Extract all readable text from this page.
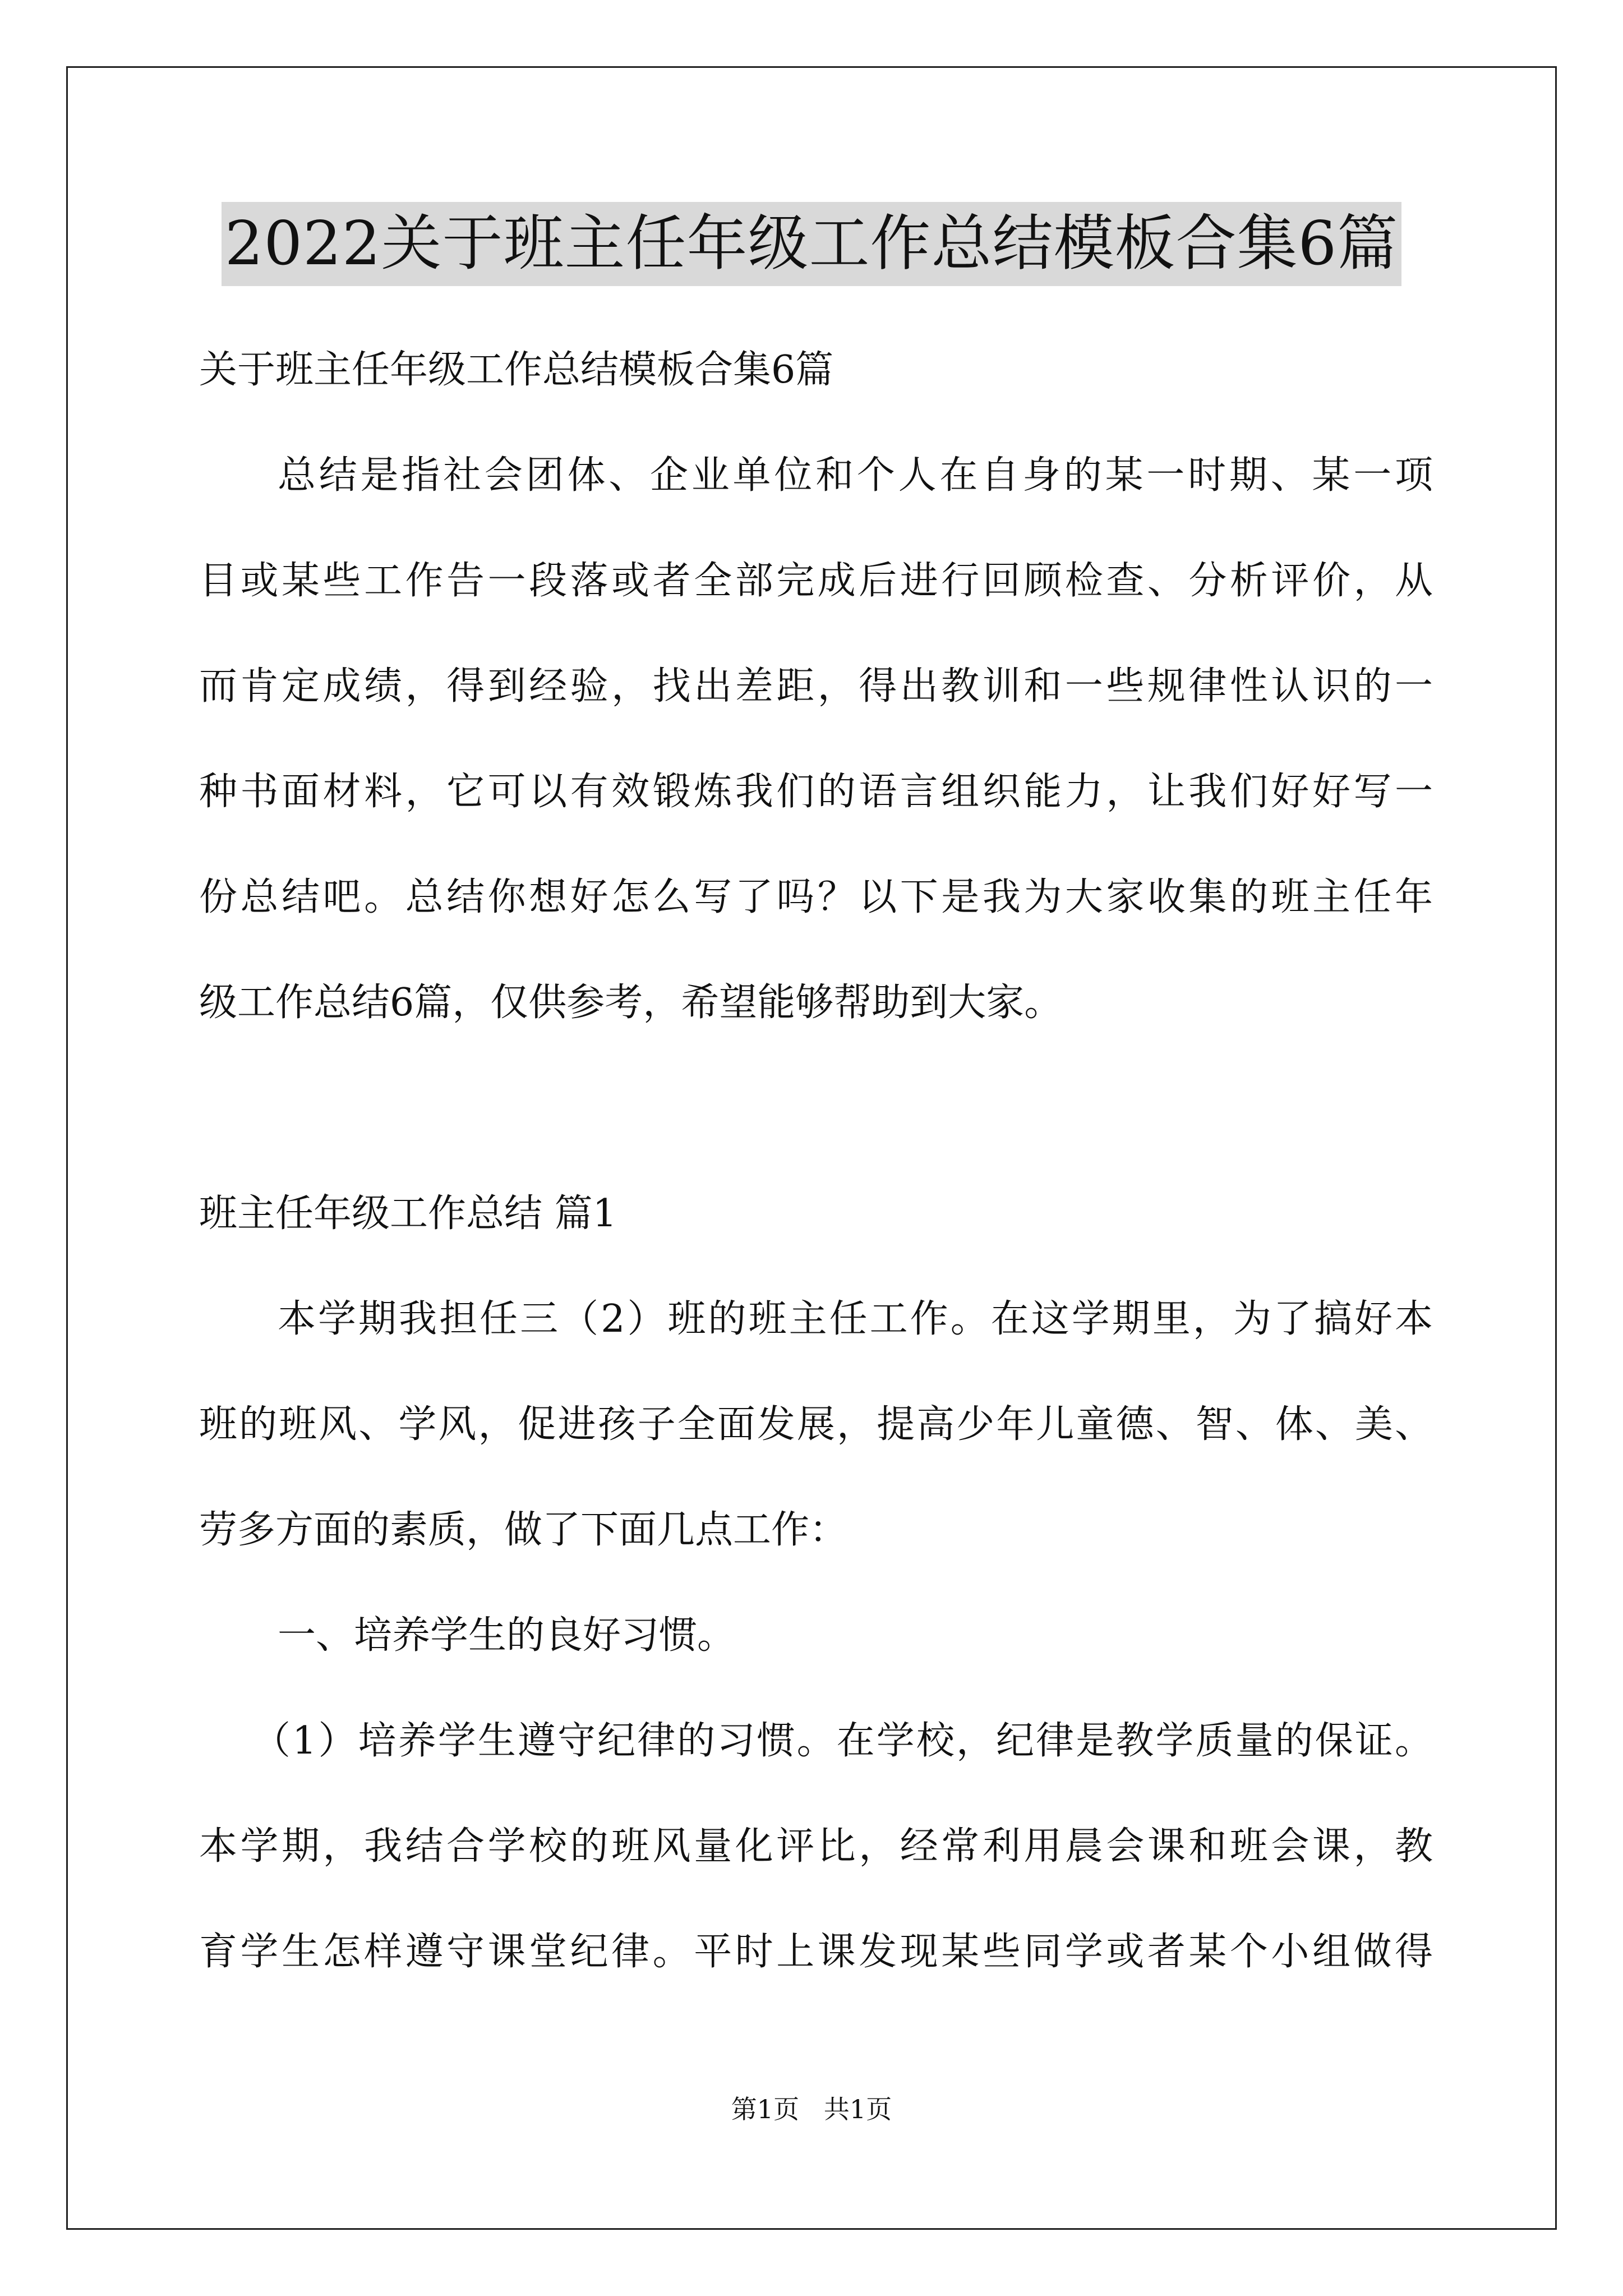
2022关于班主任年级工作总结模板合集6篇
关于班主任年级工作总结模板合集6篇
总结是指社会团体、企业单位和个人在自身的某一时期、某一项
目或某些工作告一段落或者全部完成后进行回顾检查、分析评价，从
而肯定成绩，得到经验，找出差距，得出教训和一些规律性认识的一
种书面材料，它可以有效锻炼我们的语言组织能力，让我们好好写一
份总结吧。总结你想好怎么写了吗？以下是我为大家收集的班主任年
级工作总结6篇，仅供参考，希望能够帮助到大家。
班主任年级工作总结 篇1
本学期我担任三（2）班的班主任工作。在这学期里，为了搞好本
班的班风、学风，促进孩子全面发展，提高少年儿童德、智、体、美、
劳多方面的素质，做了下面几点工作：
一、培养学生的良好习惯。
（1）培养学生遵守纪律的习惯。在学校，纪律是教学质量的保证。
本学期，我结合学校的班风量化评比，经常利用晨会课和班会课，教
育学生怎样遵守课堂纪律。平时上课发现某些同学或者某个小组做得
第1页   共1页
